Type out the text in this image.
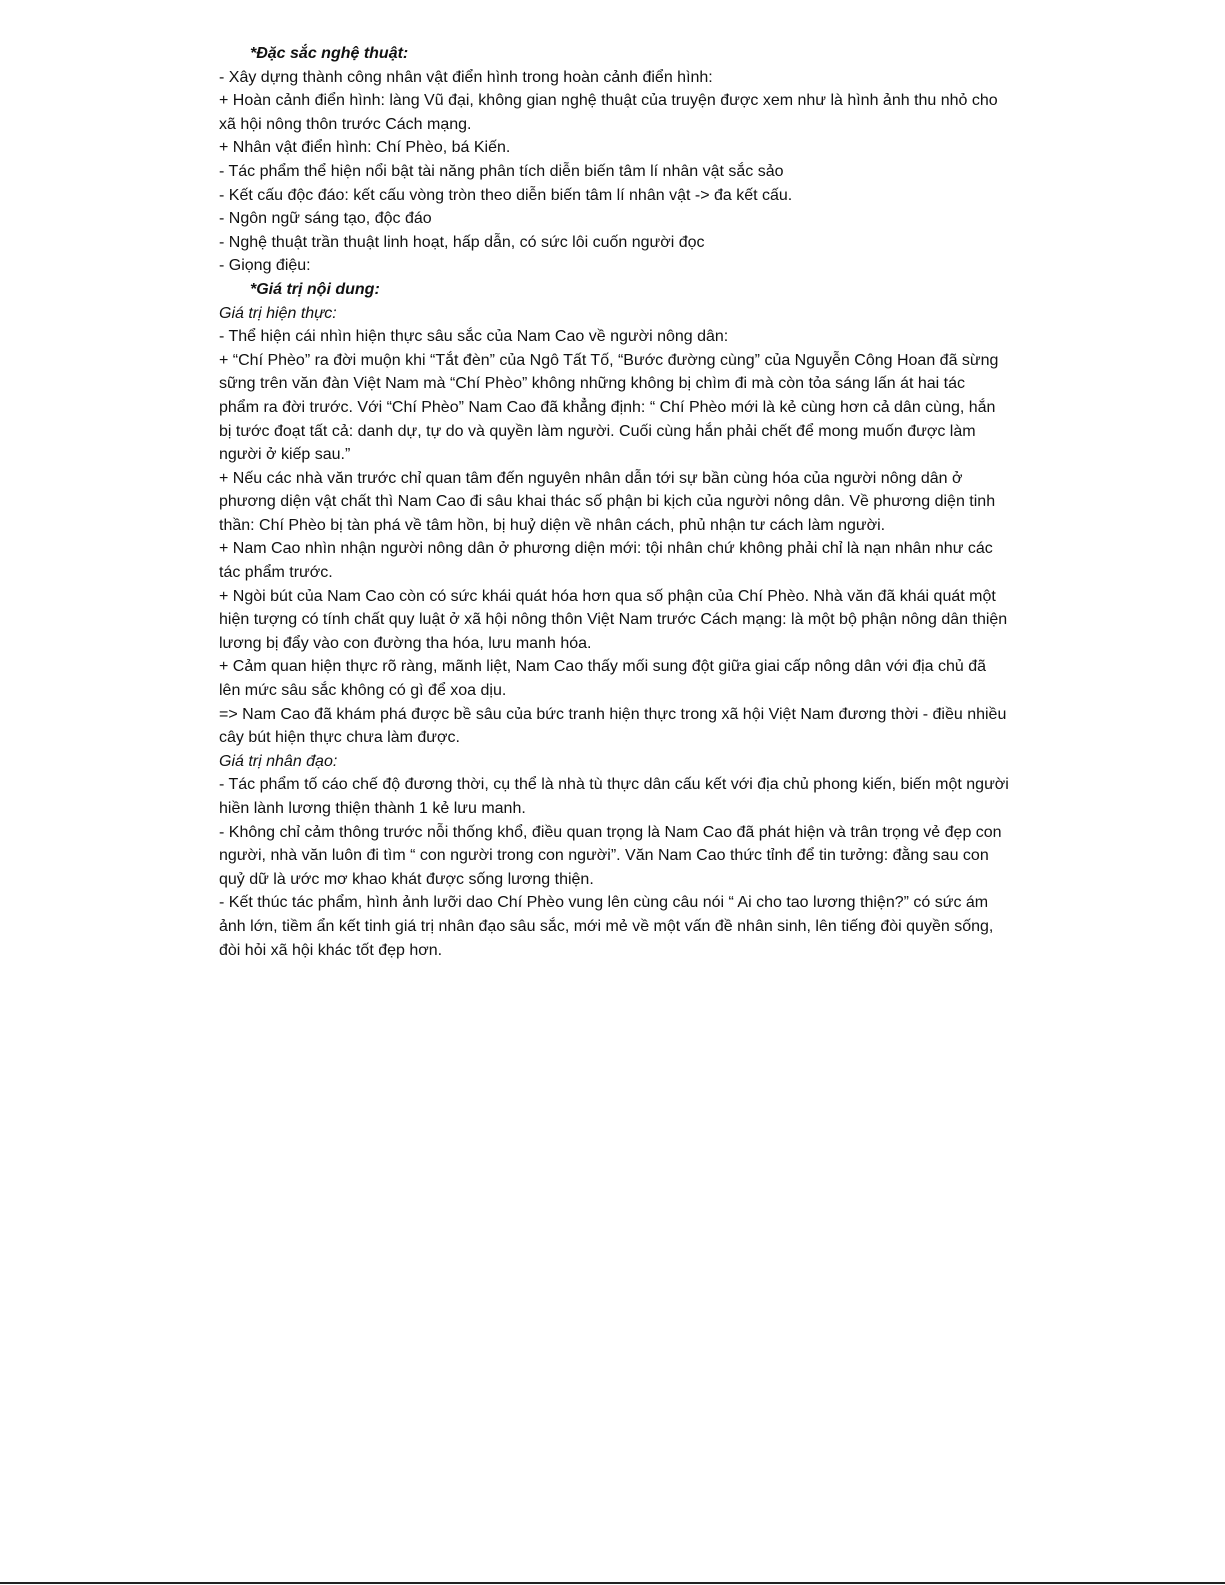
*Đặc sắc nghệ thuật:

- Xây dựng thành công nhân vật điển hình trong hoàn cảnh điển hình:

+ Hoàn cảnh điển hình: làng Vũ đại, không gian nghệ thuật của truyện được xem như là hình ảnh thu nhỏ cho xã hội nông thôn trước Cách mạng.

+ Nhân vật điển hình: Chí Phèo, bá Kiến.

- Tác phẩm thể hiện nổi bật tài năng phân tích diễn biến tâm lí nhân vật sắc sảo

- Kết cấu độc đáo: kết cấu vòng tròn theo diễn biến tâm lí nhân vật -> đa kết cấu.

- Ngôn ngữ sáng tạo, độc đáo

- Nghệ thuật trần thuật linh hoạt, hấp dẫn, có sức lôi cuốn người đọc

- Giọng điệu:

*Giá trị nội dung:

Giá trị hiện thực:

- Thể hiện cái nhìn hiện thực sâu sắc của Nam Cao về người nông dân:

+ “Chí Phèo” ra đời muộn khi “Tắt đèn” của Ngô Tất Tố, “Bước đường cùng” của Nguyễn Công Hoan đã sừng sững trên văn đàn Việt Nam mà “Chí Phèo” không những không bị chìm đi mà còn tỏa sáng lấn át hai tác phẩm ra đời trước. Với “Chí Phèo” Nam Cao đã khẳng định: “ Chí Phèo mới là kẻ cùng hơn cả dân cùng, hắn bị tước đoạt tất cả: danh dự, tự do và quyền làm người. Cuối cùng hắn phải chết để mong muốn được làm người ở kiếp sau.”

+ Nếu các nhà văn trước chỉ quan tâm đến nguyên nhân dẫn tới sự bần cùng hóa của người nông dân ở phương diện vật chất thì Nam Cao đi sâu khai thác số phận bi kịch của người nông dân. Về phương diện tinh thần: Chí Phèo bị tàn phá về tâm hồn, bị huỷ diện về nhân cách, phủ nhận tư cách làm người.

+ Nam Cao nhìn nhận người nông dân ở phương diện mới: tội nhân chứ không phải chỉ là nạn nhân như các tác phẩm trước.

+ Ngòi bút của Nam Cao còn có sức khái quát hóa hơn qua số phận của Chí Phèo. Nhà văn đã khái quát một hiện tượng có tính chất quy luật ở xã hội nông thôn Việt Nam trước Cách mạng: là một bộ phận nông dân thiện lương bị đẩy vào con đường tha hóa, lưu manh hóa.

+ Cảm quan hiện thực rõ ràng, mãnh liệt, Nam Cao thấy mối sung đột giữa giai cấp nông dân với địa chủ đã lên mức sâu sắc không có gì để xoa dịu.

=> Nam Cao đã khám phá được bề sâu của bức tranh hiện thực trong xã hội Việt Nam đương thời - điều nhiều cây bút hiện thực chưa làm được.

Giá trị nhân đạo:

- Tác phẩm tố cáo chế độ đương thời, cụ thể là nhà tù thực dân cấu kết với địa chủ phong kiến, biến một người hiền lành lương thiện thành 1 kẻ lưu manh.

- Không chỉ cảm thông trước nỗi thống khổ, điều quan trọng là Nam Cao đã phát hiện và trân trọng vẻ đẹp con người, nhà văn luôn đi tìm “ con người trong con người”. Văn Nam Cao thức tỉnh để tin tưởng: đằng sau con quỷ dữ là ước mơ khao khát được sống lương thiện.

- Kết thúc tác phẩm, hình ảnh lưỡi dao Chí Phèo vung lên cùng câu nói “ Ai cho tao lương thiện?” có sức ám ảnh lớn, tiềm ẩn kết tinh giá trị nhân đạo sâu sắc, mới mẻ về một vấn đề nhân sinh, lên tiếng đòi quyền sống, đòi hỏi xã hội khác tốt đẹp hơn.
